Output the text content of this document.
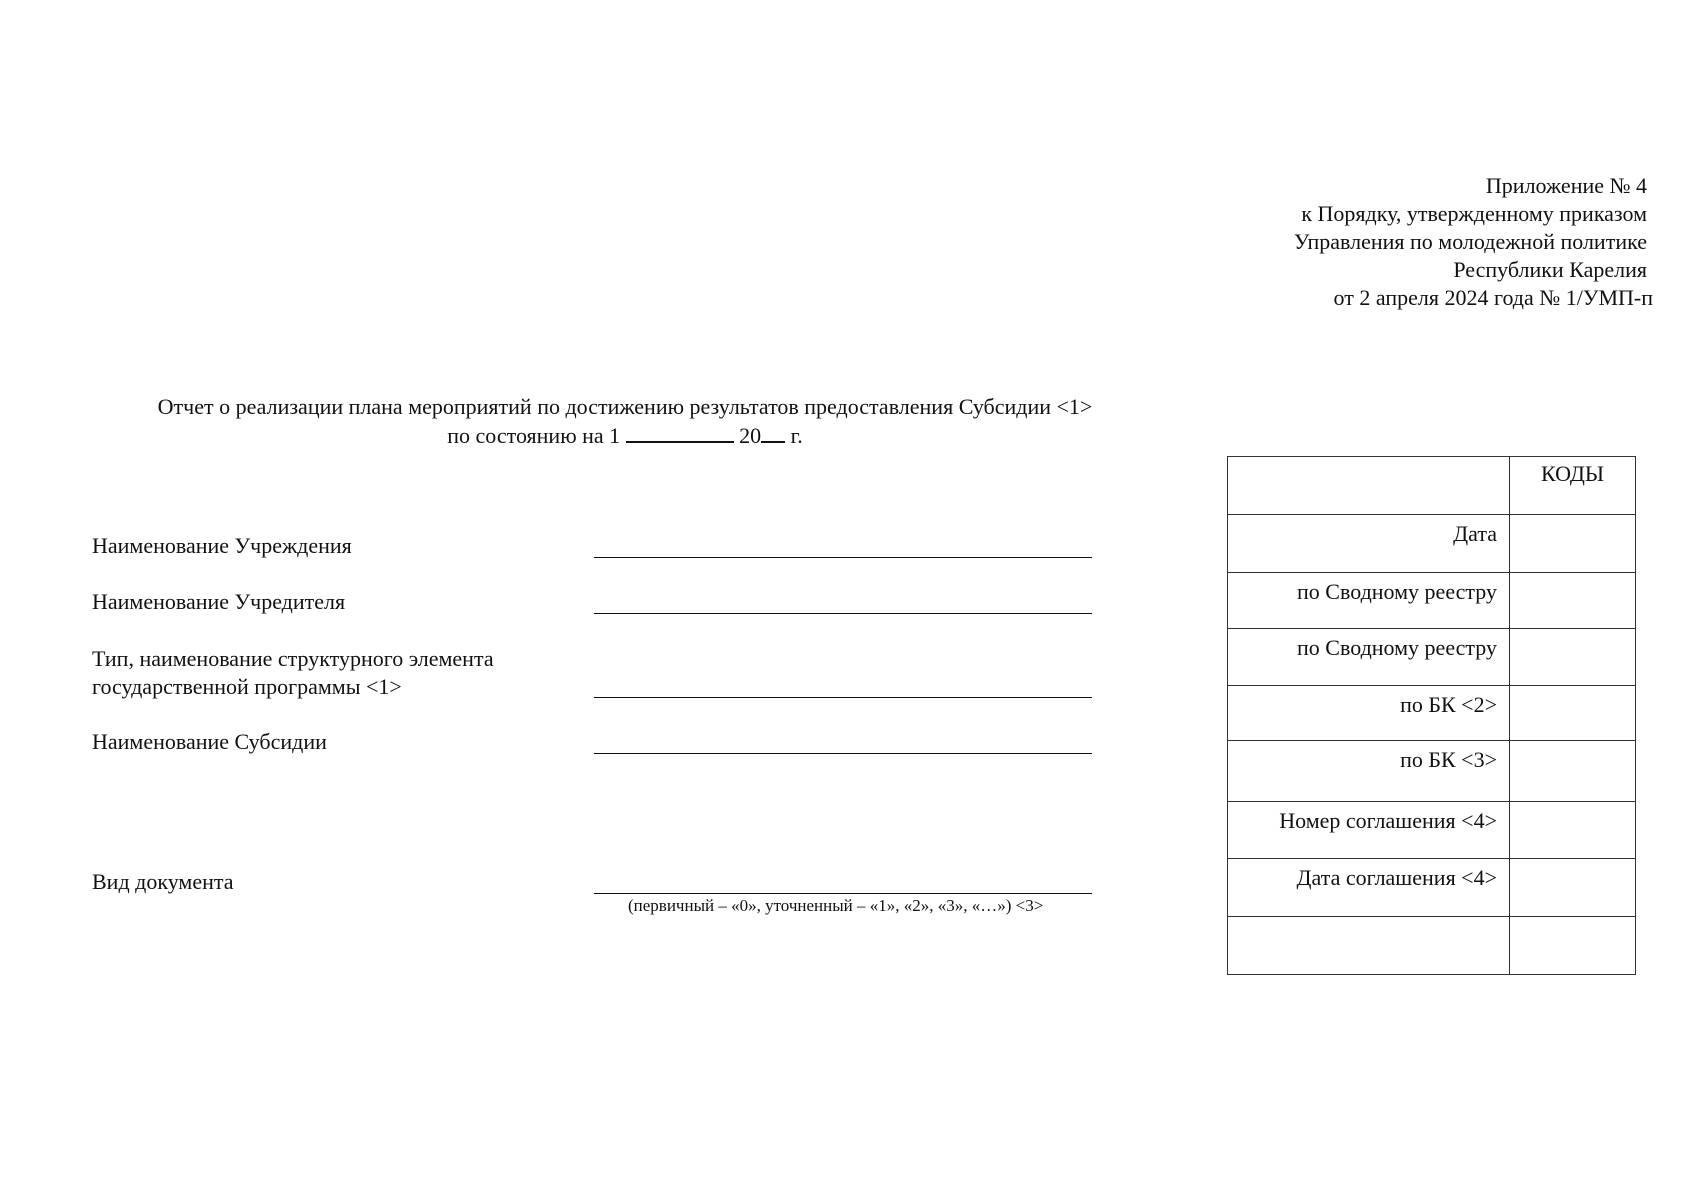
Приложение № 4
к Порядку, утвержденному приказом
Управления по молодежной политике
Республики Карелия
от 2 апреля 2024 года № 1/УМП-п
Отчет о реализации плана мероприятий по достижению результатов предоставления Субсидии <1>
по состоянию на 1	20 г.
Наименование Учреждения
Наименование Учредителя
Тип, наименование структурного элемента
государственной программы <1>
Наименование Субсидии
Вид документа
(первичный – «0», уточненный – «1», «2», «3», «…») <3>
	КОДЫ
Дата	
по Сводному реестру	
по Сводному реестру	
по БК <2>	
по БК <3>	
Номер соглашения <4>	
Дата соглашения <4>	
